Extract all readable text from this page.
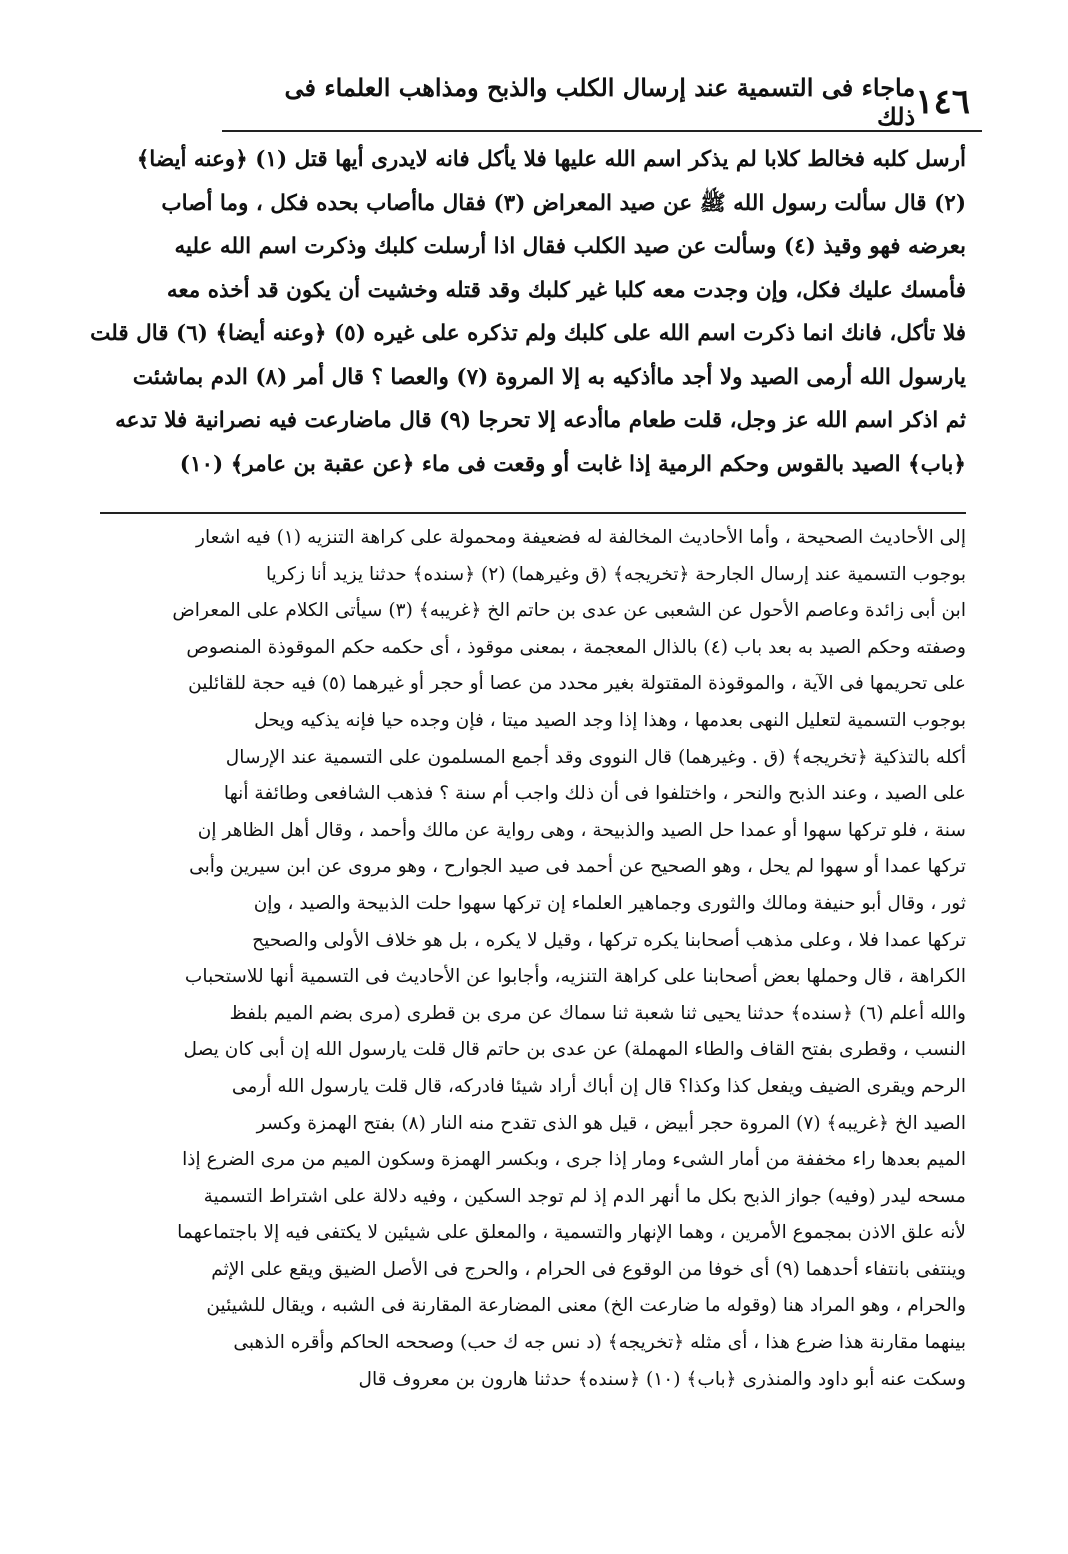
١٤٦
ماجاء فى التسمية عند إرسال الكلب والذبح ومذاهب العلماء فى ذلك

أرسل كلبه فخالط كلابا لم يذكر اسم الله عليها فلا يأكل فانه لايدرى أيها قتل (١) ﴿وعنه أيضا﴾

(٢) قال سألت رسول الله ﷺ عن صيد المعراض (٣) فقال ماأصاب بحده فكل ، وما أصاب

بعرضه فهو وقيذ (٤) وسألت عن صيد الكلب فقال اذا أرسلت كلبك وذكرت اسم الله عليه

فأمسك عليك فكل، وإن وجدت معه كلبا غير كلبك وقد قتله وخشيت أن يكون قد أخذه معه

فلا تأكل، فانك انما ذكرت اسم الله على كلبك ولم تذكره على غيره (٥) ﴿وعنه أيضا﴾ (٦) قال قلت

يارسول الله أرمى الصيد ولا أجد ماأذكيه به إلا المروة (٧) والعصا ؟ قال أمر (٨) الدم بماشئت

ثم اذكر اسم الله عز وجل، قلت طعام ماأدعه إلا تحرجا (٩) قال ماضارعت فيه نصرانية فلا تدعه

﴿باب﴾ الصيد بالقوس وحكم الرمية إذا غابت أو وقعت فى ماء ﴿عن عقبة بن عامر﴾ (١٠)

إلى الأحاديث الصحيحة ، وأما الأحاديث المخالفة له فضعيفة ومحمولة على كراهة التنزيه (١) فيه اشعار

بوجوب التسمية عند إرسال الجارحة ﴿تخريجه﴾ (ق وغيرهما) (٢) ﴿سنده﴾ حدثنا يزيد أنا زكريا

ابن أبى زائدة وعاصم الأحول عن الشعبى عن عدى بن حاتم الخ ﴿غريبه﴾ (٣) سيأتى الكلام على المعراض

وصفته وحكم الصيد به بعد باب (٤) بالذال المعجمة ، بمعنى موقوذ ، أى حكمه حكم الموقوذة المنصوص

على تحريمها فى الآية ، والموقوذة المقتولة بغير محدد من عصا أو حجر أو غيرهما (٥) فيه حجة للقائلين

بوجوب التسمية لتعليل النهى بعدمها ، وهذا إذا وجد الصيد ميتا ، فإن وجده حيا فإنه يذكيه ويحل

أكله بالتذكية ﴿تخريجه﴾ (ق . وغيرهما) قال النووى وقد أجمع المسلمون على التسمية عند الإرسال

على الصيد ، وعند الذبح والنحر ، واختلفوا فى أن ذلك واجب أم سنة ؟ فذهب الشافعى وطائفة أنها

سنة ، فلو تركها سهوا أو عمدا حل الصيد والذبيحة ، وهى رواية عن مالك وأحمد ، وقال أهل الظاهر إن

تركها عمدا أو سهوا لم يحل ، وهو الصحيح عن أحمد فى صيد الجوارح ، وهو مروى عن ابن سيرين وأبى

ثور ، وقال أبو حنيفة ومالك والثورى وجماهير العلماء إن تركها سهوا حلت الذبيحة والصيد ، وإن

تركها عمدا فلا ، وعلى مذهب أصحابنا يكره تركها ، وقيل لا يكره ، بل هو خلاف الأولى والصحيح

الكراهة ، قال وحملها بعض أصحابنا على كراهة التنزيه، وأجابوا عن الأحاديث فى التسمية أنها للاستحباب

والله أعلم (٦) ﴿سنده﴾ حدثنا يحيى ثنا شعبة ثنا سماك عن مرى بن قطرى (مرى بضم الميم بلفظ

النسب ، وقطرى بفتح القاف والطاء المهملة) عن عدى بن حاتم قال قلت يارسول الله إن أبى كان يصل

الرحم ويقرى الضيف ويفعل كذا وكذا؟ قال إن أباك أراد شيئا فادركه، قال قلت يارسول الله أرمى

الصيد الخ ﴿غريبه﴾ (٧) المروة حجر أبيض ، قيل هو الذى تقدح منه النار (٨) بفتح الهمزة وكسر

الميم بعدها راء مخففة من أمار الشىء ومار إذا جرى ، وبكسر الهمزة وسكون الميم من مرى الضرع إذا

مسحه ليدر (وفيه) جواز الذبح بكل ما أنهر الدم إذ لم توجد السكين ، وفيه دلالة على اشتراط التسمية

لأنه علق الاذن بمجموع الأمرين ، وهما الإنهار والتسمية ، والمعلق على شيئين لا يكتفى فيه إلا باجتماعهما

وينتفى بانتفاء أحدهما (٩) أى خوفا من الوقوع فى الحرام ، والحرج فى الأصل الضيق ويقع على الإثم

والحرام ، وهو المراد هنا (وقوله ما ضارعت الخ) معنى المضارعة المقارنة فى الشبه ، ويقال للشيئين

بينهما مقارنة هذا ضرع هذا ، أى مثله ﴿تخريجه﴾ (د نس جه ك حب) وصححه الحاكم وأقره الذهبى

وسكت عنه أبو داود والمنذرى ﴿باب﴾ (١٠) ﴿سنده﴾ حدثنا هارون بن معروف قال
